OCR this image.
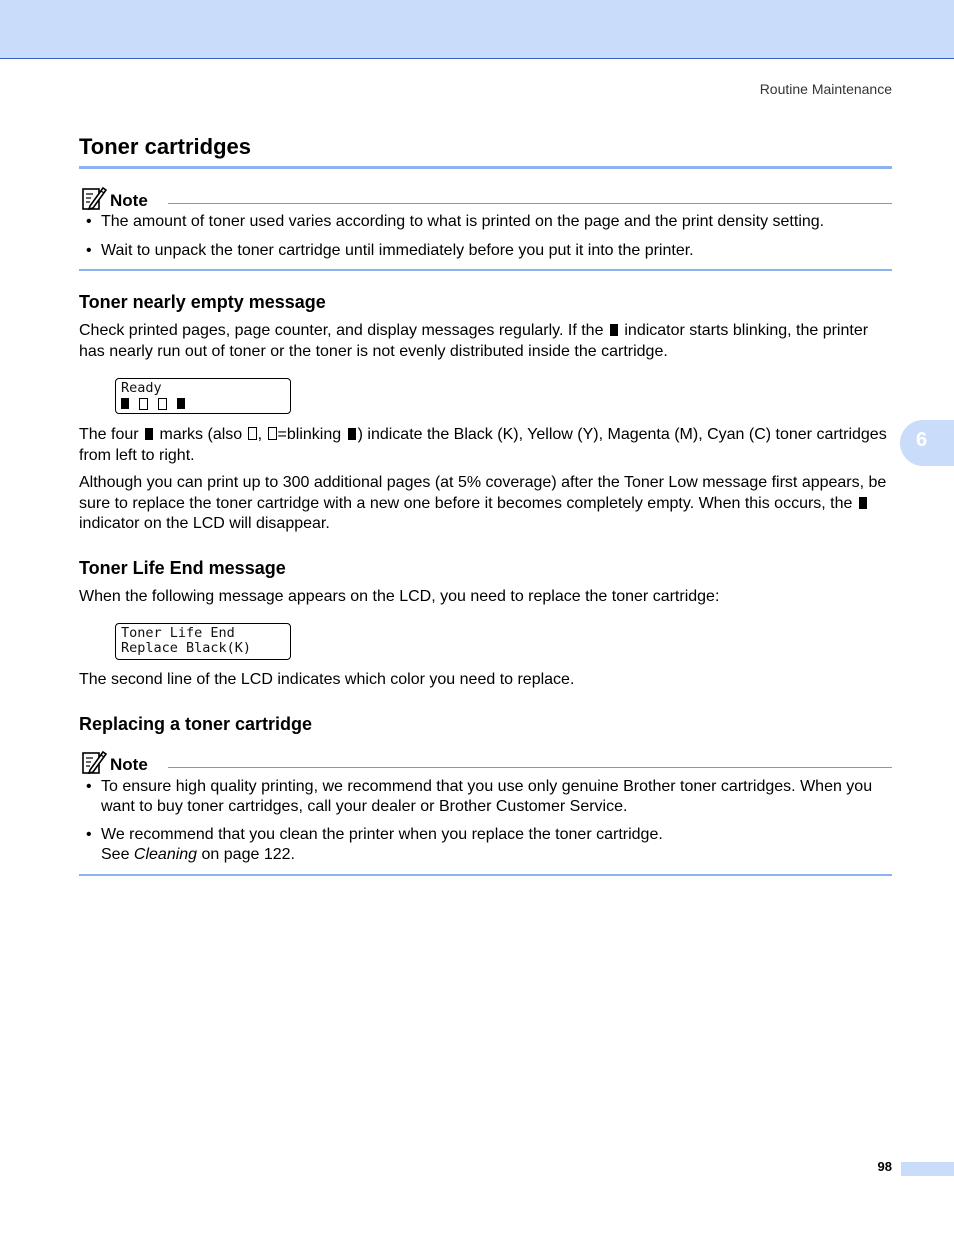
Routine Maintenance
Toner cartridges
Note
• The amount of toner used varies according to what is printed on the page and the print density setting.
• Wait to unpack the toner cartridge until immediately before you put it into the printer.
Toner nearly empty message
Check printed pages, page counter, and display messages regularly. If the indicator starts blinking, the printer has nearly run out of toner or the toner is not evenly distributed inside the cartridge.
Ready
The four marks (also , =blinking ) indicate the Black (K), Yellow (Y), Magenta (M), Cyan (C) toner cartridges from left to right.
Although you can print up to 300 additional pages (at 5% coverage) after the Toner Low message first appears, be sure to replace the toner cartridge with a new one before it becomes completely empty. When this occurs, the  indicator on the LCD will disappear.
Toner Life End message
When the following message appears on the LCD, you need to replace the toner cartridge:
Toner Life End
Replace Black(K)
The second line of the LCD indicates which color you need to replace.
Replacing a toner cartridge
Note
• To ensure high quality printing, we recommend that you use only genuine Brother toner cartridges. When you want to buy toner cartridges, call your dealer or Brother Customer Service.
• We recommend that you clean the printer when you replace the toner cartridge.
See Cleaning on page 122.
6
98
